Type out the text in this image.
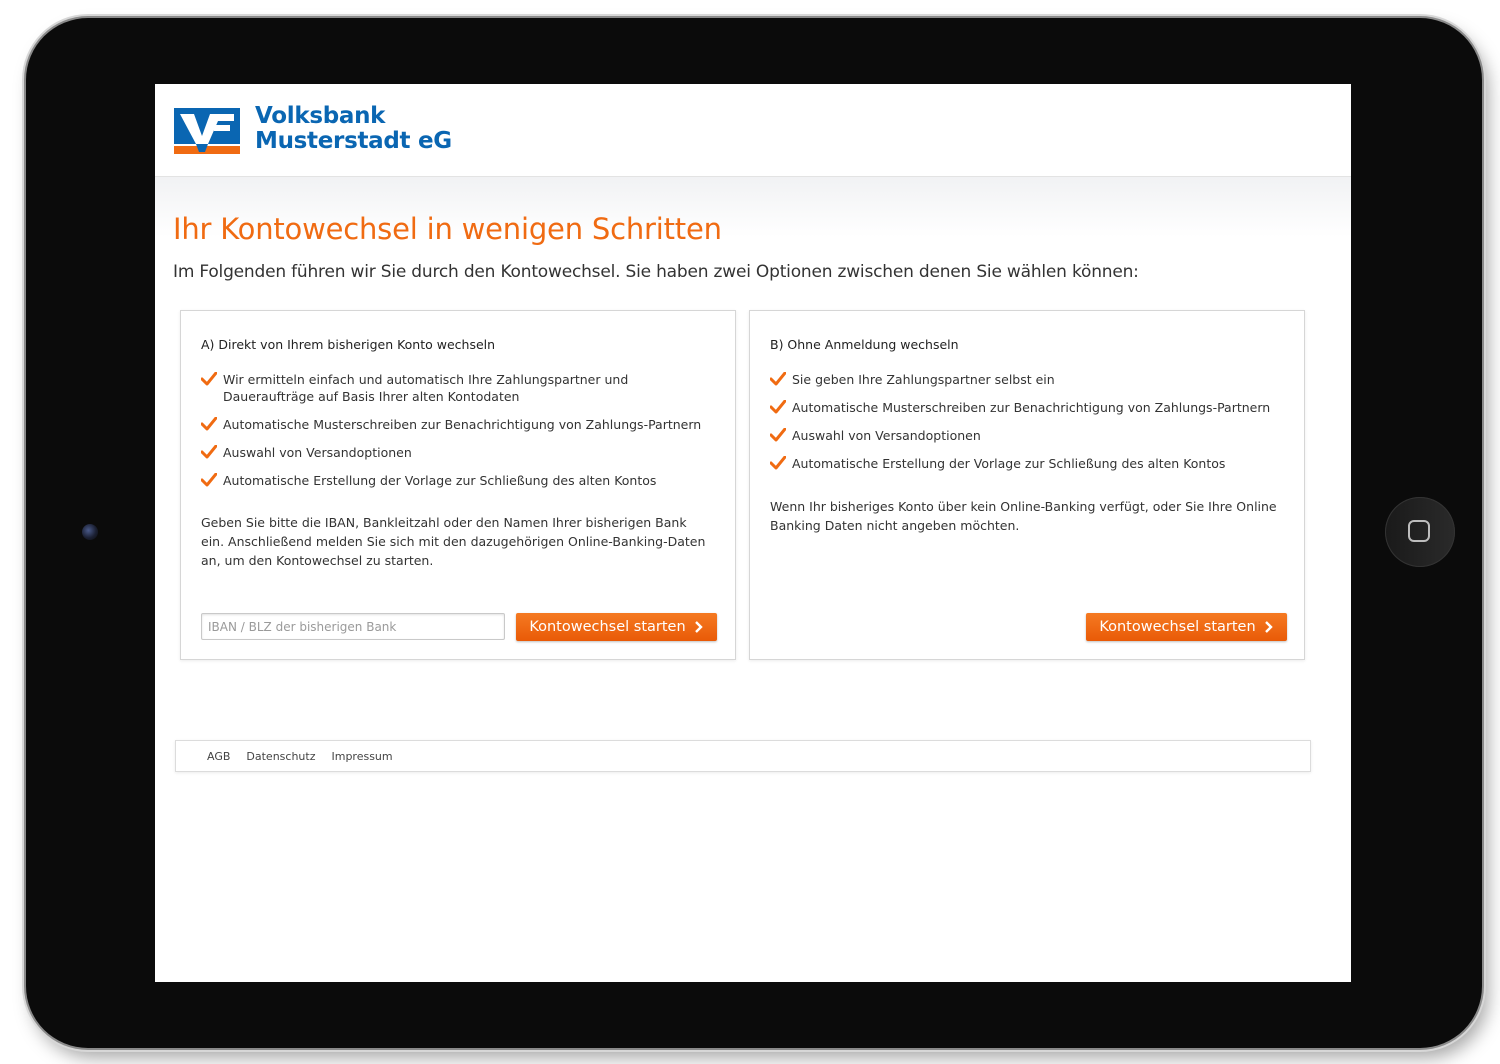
Volksbank
Musterstadt eG
Ihr Kontowechsel in wenigen Schritten

Im Folgenden führen wir Sie durch den Kontowechsel. Sie haben zwei Optionen zwischen denen Sie wählen können:

A) Direkt von Ihrem bisherigen Konto wechseln
Wir ermitteln einfach und automatisch Ihre Zahlungspartner und Daueraufträge auf Basis Ihrer alten Kontodaten
Automatische Musterschreiben zur Benachrichtigung von Zahlungs-Partnern
Auswahl von Versandoptionen
Automatische Erstellung der Vorlage zur Schließung des alten Kontos

Geben Sie bitte die IBAN, Bankleitzahl oder den Namen Ihrer bisherigen Bank ein. Anschließend melden Sie sich mit den dazugehörigen Online-Banking-Daten an, um den Kontowechsel zu starten.

IBAN / BLZ der bisherigen Bank
Kontowechsel starten
B) Ohne Anmeldung wechseln
Sie geben Ihre Zahlungspartner selbst ein
Automatische Musterschreiben zur Benachrichtigung von Zahlungs-Partnern
Auswahl von Versandoptionen
Automatische Erstellung der Vorlage zur Schließung des alten Kontos

Wenn Ihr bisheriges Konto über kein Online-Banking verfügt, oder Sie Ihre Online Banking Daten nicht angeben möchten.

Kontowechsel starten
AGB Datenschutz Impressum
